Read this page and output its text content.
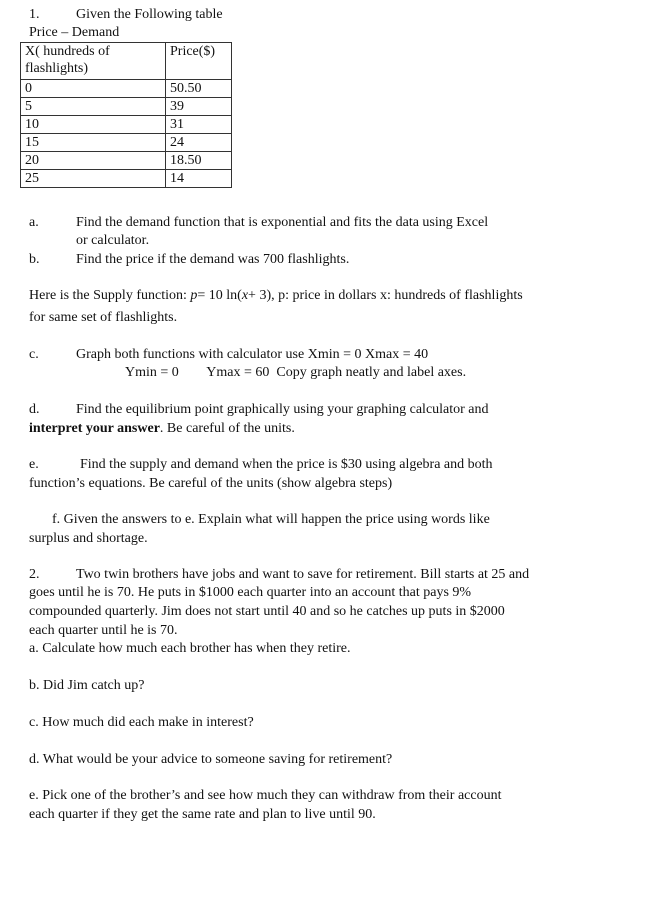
1.	Given the Following table
Price – Demand
X( hundreds of flashlights)	Price($)
0	50.50
5	39
10	31
15	24
20	18.50
25	14
a.	Find the demand function that is exponential and fits the data using Excel
or calculator.
b.	Find the price if the demand was 700 flashlights.
Here is the Supply function: p= 10 ln(x+ 3), p: price in dollars x: hundreds of flashlights
for same set of flashlights.
c.	Graph both functions with calculator use Xmin = 0 Xmax = 40
Ymin = 0        Ymax = 60  Copy graph neatly and label axes.
d.	Find the equilibrium point graphically using your graphing calculator and
interpret your answer. Be careful of the units.
e.	Find the supply and demand when the price is $30 using algebra and both
function’s equations. Be careful of the units (show algebra steps)
f. Given the answers to e. Explain what will happen the price using words like
surplus and shortage.
2.	Two twin brothers have jobs and want to save for retirement. Bill starts at 25 and
goes until he is 70. He puts in $1000 each quarter into an account that pays 9%
compounded quarterly. Jim does not start until 40 and so he catches up puts in $2000
each quarter until he is 70.
a. Calculate how much each brother has when they retire.
b. Did Jim catch up?
c. How much did each make in interest?
d. What would be your advice to someone saving for retirement?
e. Pick one of the brother’s and see how much they can withdraw from their account
each quarter if they get the same rate and plan to live until 90.
